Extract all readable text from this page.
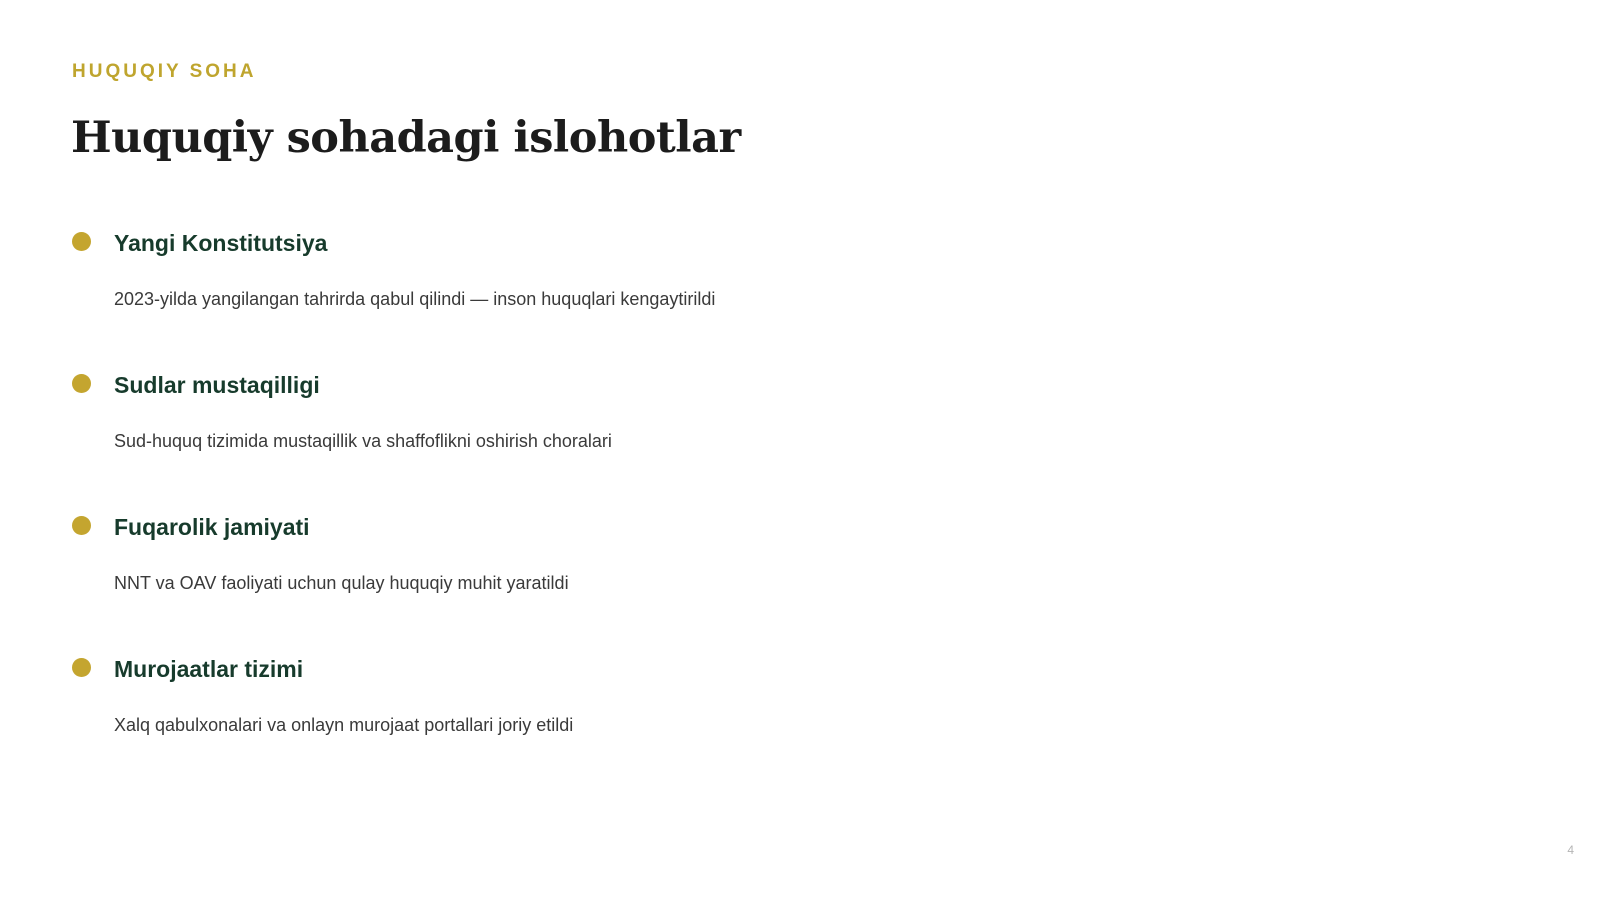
HUQUQIY SOHA
Huquqiy sohadagi islohotlar
Yangi Konstitutsiya
2023-yilda yangilangan tahrirda qabul qilindi — inson huquqlari kengaytirildi
Sudlar mustaqilligi
Sud-huquq tizimida mustaqillik va shaffoflikni oshirish choralari
Fuqarolik jamiyati
NNT va OAV faoliyati uchun qulay huquqiy muhit yaratildi
Murojaatlar tizimi
Xalq qabulxonalari va onlayn murojaat portallari joriy etildi
4
